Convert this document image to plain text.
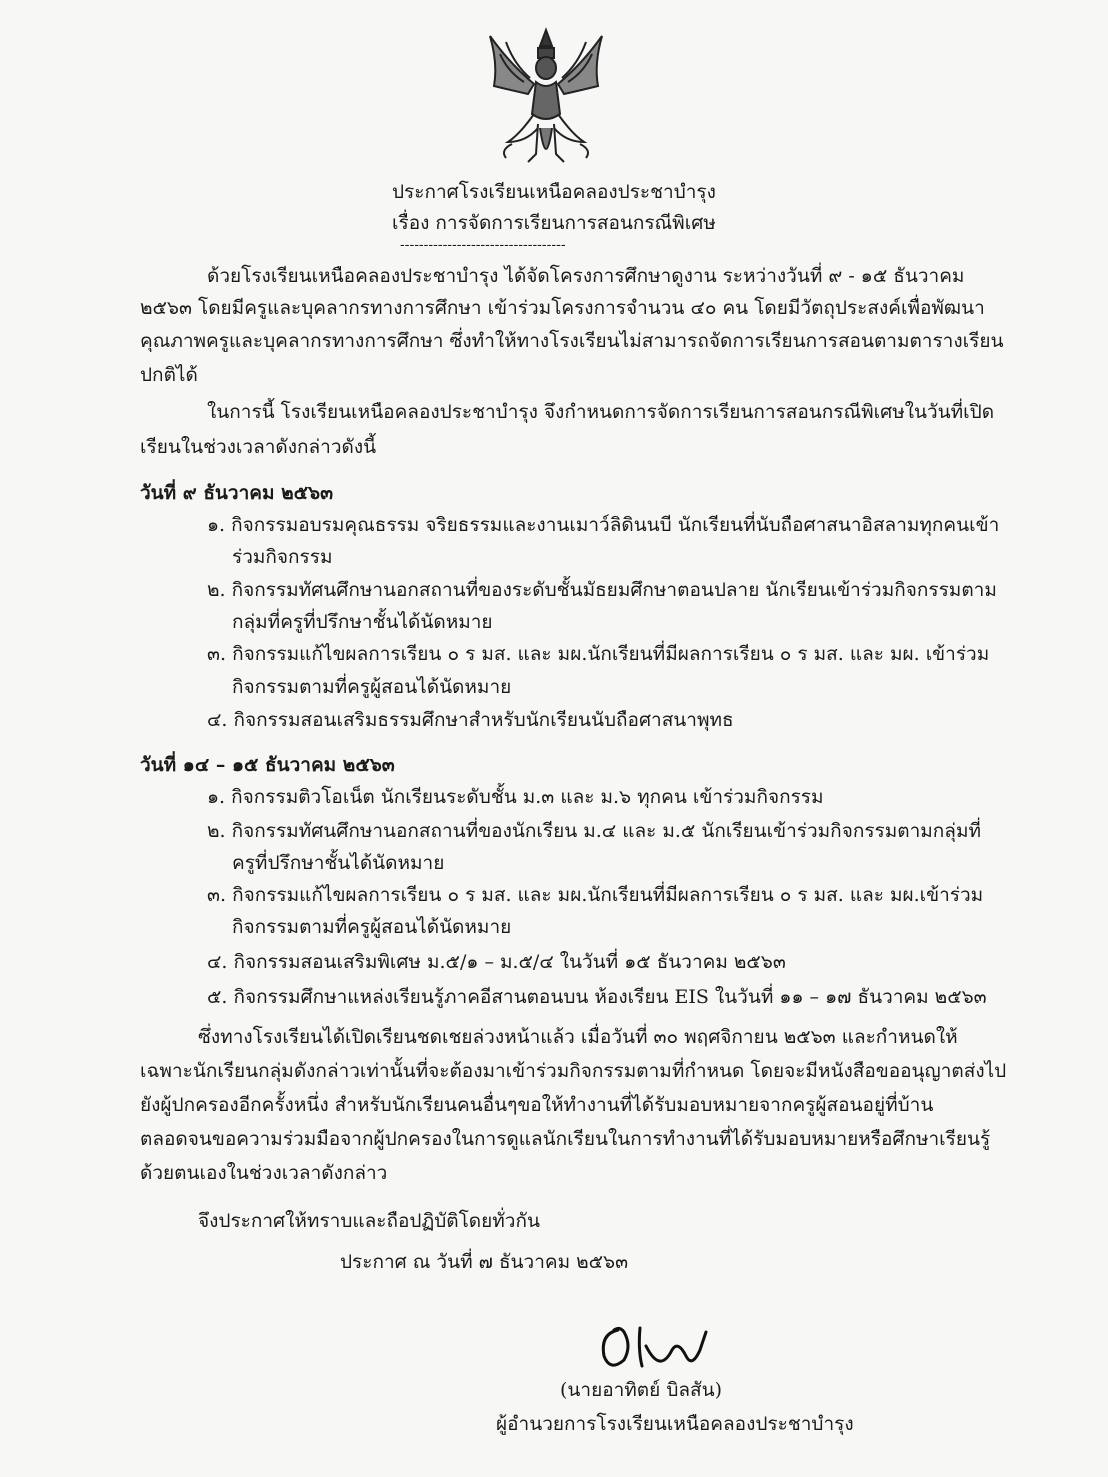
ประกาศโรงเรียนเหนือคลองประชาบำรุง
เรื่อง การจัดการเรียนการสอนกรณีพิเศษ
-----------------------------------
ด้วยโรงเรียนเหนือคลองประชาบำรุง ได้จัดโครงการศึกษาดูงาน ระหว่างวันที่ ๙ - ๑๕ ธันวาคม
๒๕๖๓ โดยมีครูและบุคลากรทางการศึกษา เข้าร่วมโครงการจำนวน ๔๐ คน โดยมีวัตถุประสงค์เพื่อพัฒนา
คุณภาพครูและบุคลากรทางการศึกษา ซึ่งทำให้ทางโรงเรียนไม่สามารถจัดการเรียนการสอนตามตารางเรียน
ปกติได้
ในการนี้ โรงเรียนเหนือคลองประชาบำรุง จึงกำหนดการจัดการเรียนการสอนกรณีพิเศษในวันที่เปิด
เรียนในช่วงเวลาดังกล่าวดังนี้
วันที่ ๙ ธันวาคม ๒๕๖๓
๑. กิจกรรมอบรมคุณธรรม จริยธรรมและงานเมาว์ลิดินนบี นักเรียนที่นับถือศาสนาอิสลามทุกคนเข้า
ร่วมกิจกรรม
๒. กิจกรรมทัศนศึกษานอกสถานที่ของระดับชั้นมัธยมศึกษาตอนปลาย นักเรียนเข้าร่วมกิจกรรมตาม
กลุ่มที่ครูที่ปรึกษาชั้นได้นัดหมาย
๓. กิจกรรมแก้ไขผลการเรียน ๐ ร มส. และ มผ.นักเรียนที่มีผลการเรียน ๐ ร มส. และ มผ. เข้าร่วม
กิจกรรมตามที่ครูผู้สอนได้นัดหมาย
๔. กิจกรรมสอนเสริมธรรมศึกษาสำหรับนักเรียนนับถือศาสนาพุทธ
วันที่ ๑๔ – ๑๕ ธันวาคม ๒๕๖๓
๑. กิจกรรมติวโอเน็ต นักเรียนระดับชั้น ม.๓ และ ม.๖ ทุกคน เข้าร่วมกิจกรรม
๒. กิจกรรมทัศนศึกษานอกสถานที่ของนักเรียน ม.๔ และ ม.๕ นักเรียนเข้าร่วมกิจกรรมตามกลุ่มที่
ครูที่ปรึกษาชั้นได้นัดหมาย
๓. กิจกรรมแก้ไขผลการเรียน ๐ ร มส. และ มผ.นักเรียนที่มีผลการเรียน ๐ ร มส. และ มผ.เข้าร่วม
กิจกรรมตามที่ครูผู้สอนได้นัดหมาย
๔. กิจกรรมสอนเสริมพิเศษ ม.๕/๑ – ม.๕/๔ ในวันที่ ๑๕ ธันวาคม ๒๕๖๓
๕. กิจกรรมศึกษาแหล่งเรียนรู้ภาคอีสานตอนบน ห้องเรียน EIS ในวันที่ ๑๑ – ๑๗ ธันวาคม ๒๕๖๓
ซึ่งทางโรงเรียนได้เปิดเรียนชดเชยล่วงหน้าแล้ว เมื่อวันที่ ๓๐ พฤศจิกายน ๒๕๖๓ และกำหนดให้
เฉพาะนักเรียนกลุ่มดังกล่าวเท่านั้นที่จะต้องมาเข้าร่วมกิจกรรมตามที่กำหนด โดยจะมีหนังสือขออนุญาตส่งไป
ยังผู้ปกครองอีกครั้งหนึ่ง สำหรับนักเรียนคนอื่นๆขอให้ทำงานที่ได้รับมอบหมายจากครูผู้สอนอยู่ที่บ้าน
ตลอดจนขอความร่วมมือจากผู้ปกครองในการดูแลนักเรียนในการทำงานที่ได้รับมอบหมายหรือศึกษาเรียนรู้
ด้วยตนเองในช่วงเวลาดังกล่าว
จึงประกาศให้ทราบและถือปฏิบัติโดยทั่วกัน
ประกาศ ณ วันที่ ๗ ธันวาคม ๒๕๖๓
(นายอาทิตย์ บิลสัน)
ผู้อำนวยการโรงเรียนเหนือคลองประชาบำรุง
